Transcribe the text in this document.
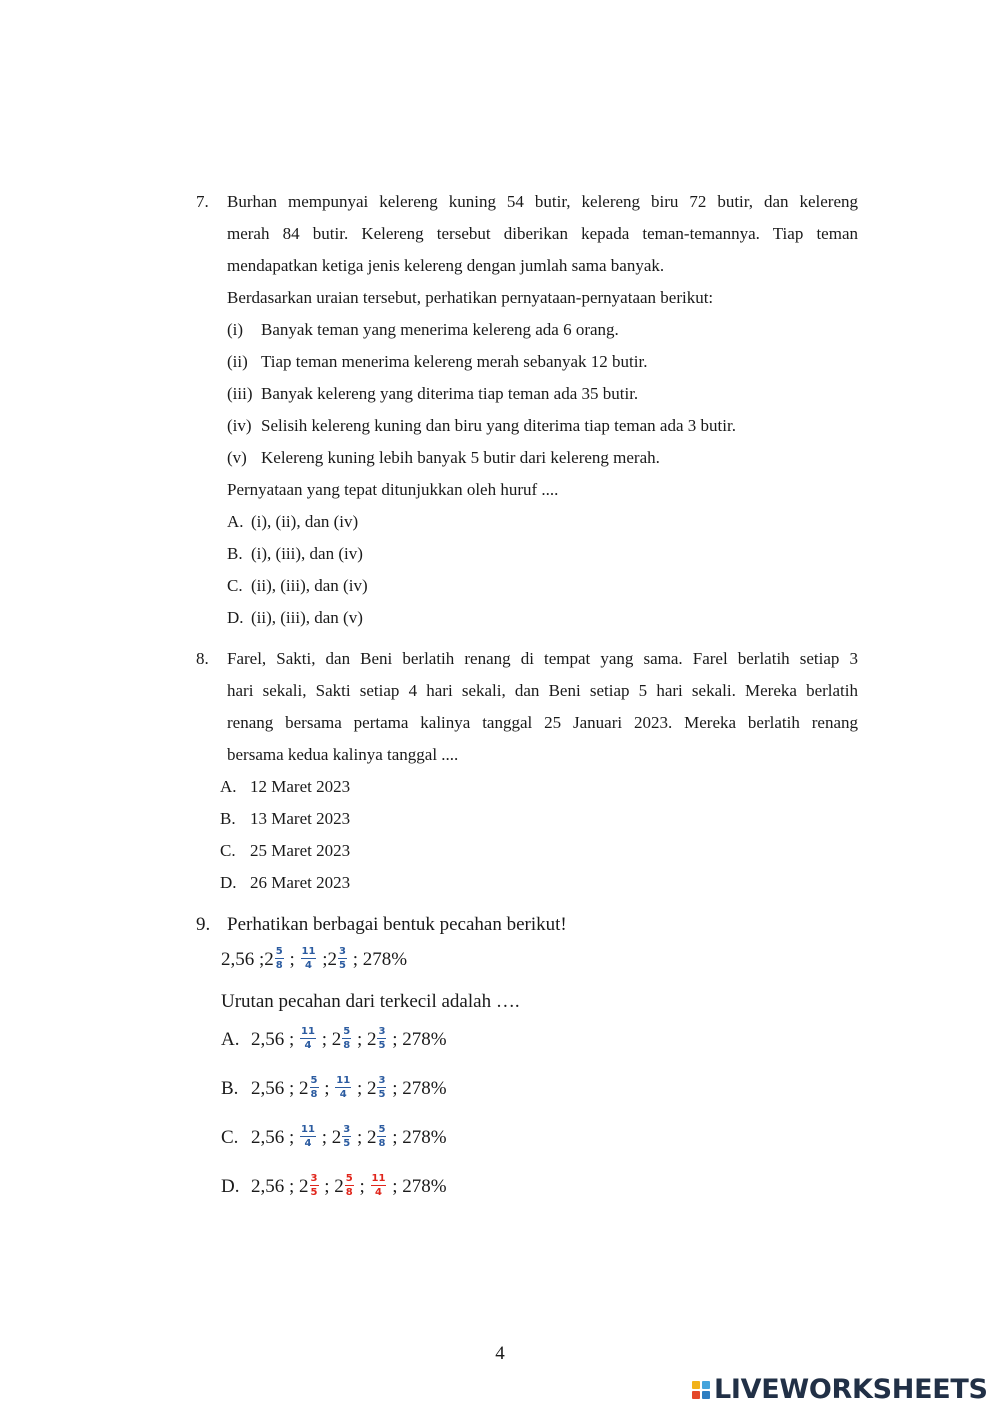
7. Burhan mempunyai kelereng kuning 54 butir, kelereng biru 72 butir, dan kelereng
merah 84 butir. Kelereng tersebut diberikan kepada teman-temannya. Tiap teman
mendapatkan ketiga jenis kelereng dengan jumlah sama banyak.
Berdasarkan uraian tersebut, perhatikan pernyataan-pernyataan berikut:
(i) Banyak teman yang menerima kelereng ada 6 orang.
(ii) Tiap teman menerima kelereng merah sebanyak 12 butir.
(iii) Banyak kelereng yang diterima tiap teman ada 35 butir.
(iv) Selisih kelereng kuning dan biru yang diterima tiap teman ada 3 butir.
(v) Kelereng kuning lebih banyak 5 butir dari kelereng merah.
Pernyataan yang tepat ditunjukkan oleh huruf ....
A. (i), (ii), dan (iv)
B. (i), (iii), dan (iv)
C. (ii), (iii), dan (iv)
D. (ii), (iii), dan (v)
8. Farel, Sakti, dan Beni berlatih renang di tempat yang sama. Farel berlatih setiap 3
hari sekali, Sakti setiap 4 hari sekali, dan Beni setiap 5 hari sekali. Mereka berlatih
renang bersama pertama kalinya tanggal 25 Januari 2023. Mereka berlatih renang
bersama kedua kalinya tanggal ....
A. 12 Maret 2023
B. 13 Maret 2023
C. 25 Maret 2023
D. 26 Maret 2023
9. Perhatikan berbagai bentuk pecahan berikut!
2,56 ;2 $\frac{5}{8}$ ; $\frac{11}{4}$ ;2 $\frac{3}{5}$ ; 278%
Urutan pecahan dari terkecil adalah ….
A. 2,56 ; $\frac{11}{4}$ ; $2 \frac{5}{8}$ ; $2 \frac{3}{5}$ ; 278%
B. 2,56 ; $2 \frac{5}{8}$ ; $\frac{11}{4}$ ; $2 \frac{3}{5}$ ; 278%
C. 2,56 ; $\frac{11}{4}$ ; $2 \frac{3}{5}$ ; $2 \frac{5}{8}$ ; 278%
D. 2,56 ; $2 \frac{3}{5}$ ; $2 \frac{5}{8}$ ; $\frac{11}{4}$ ; 278%
4
LIVEWORKSHEETS
